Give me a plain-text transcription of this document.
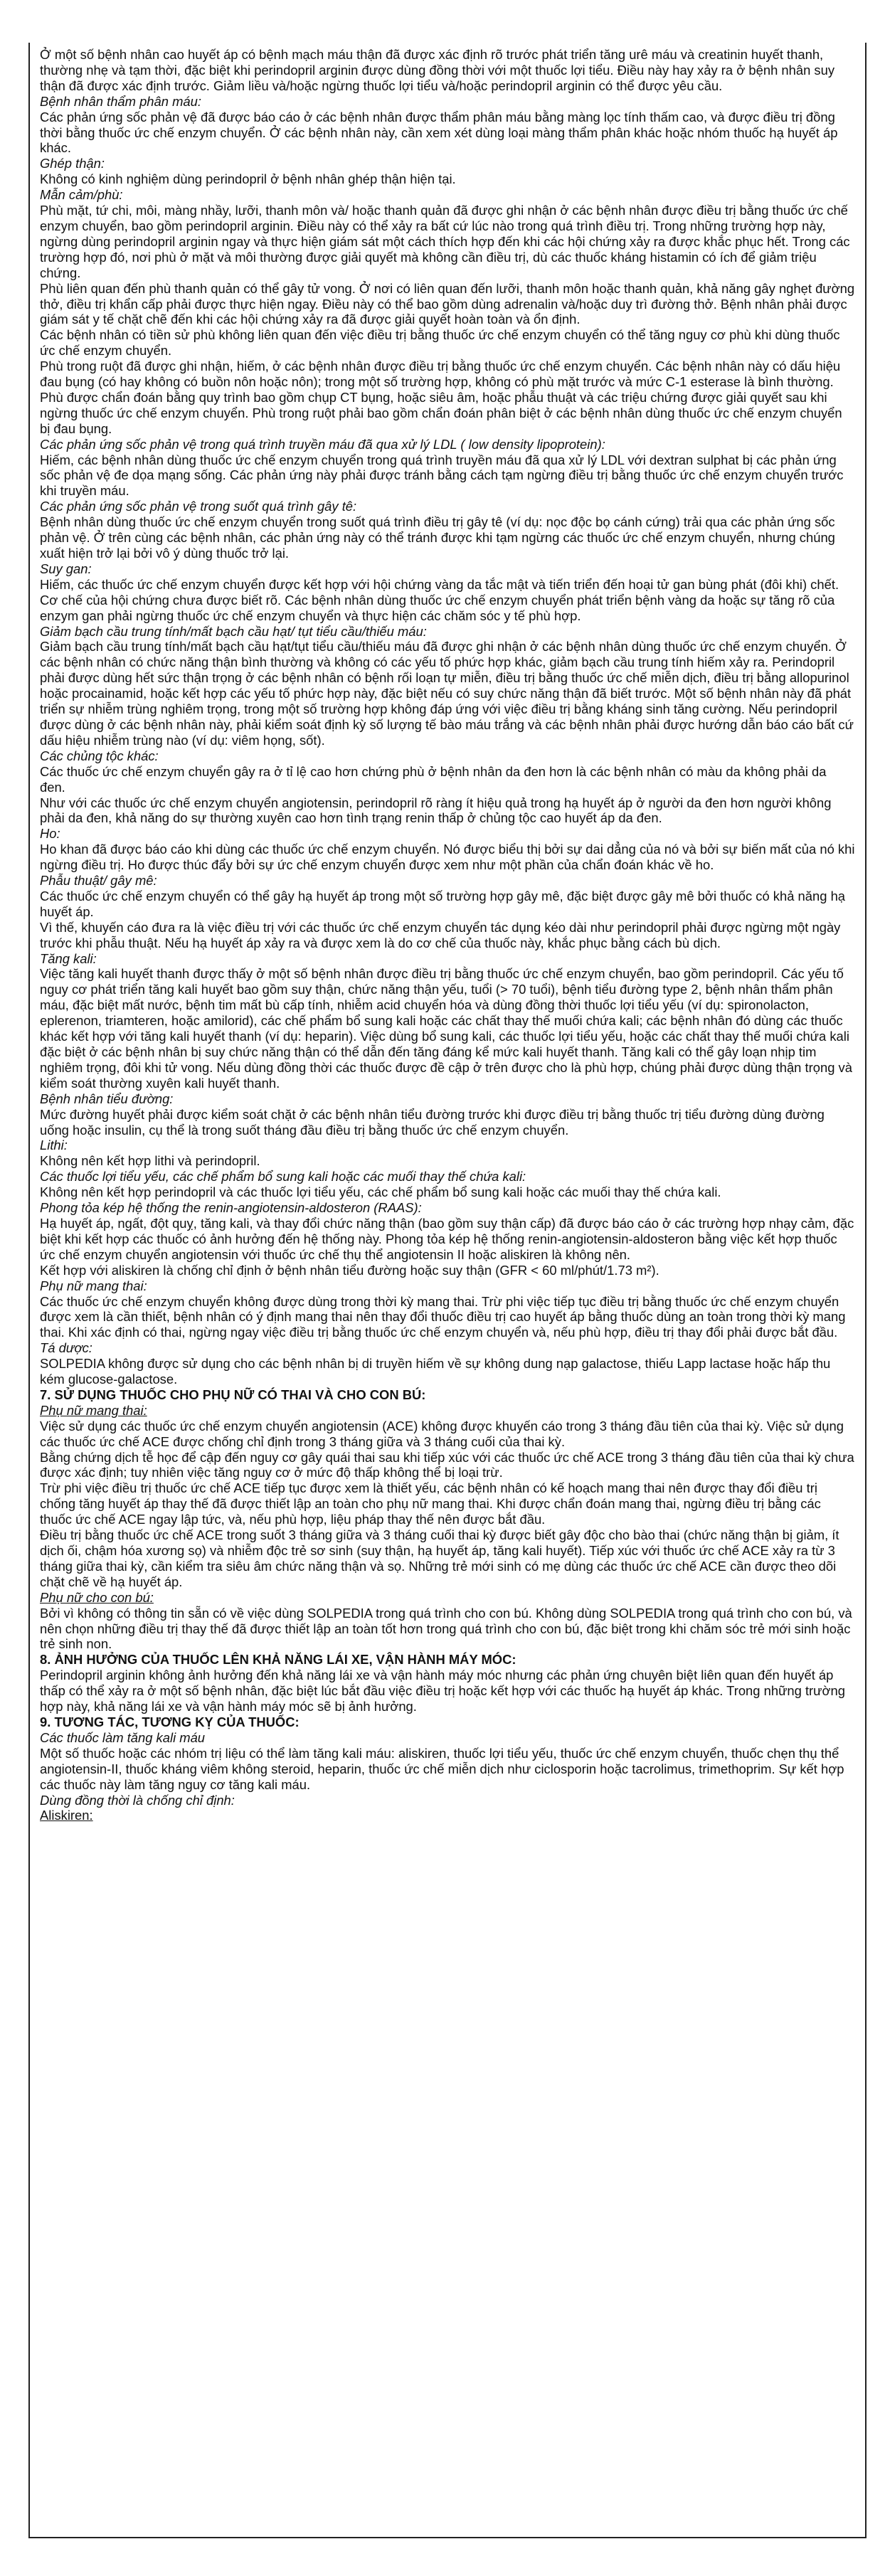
Ở một số bệnh nhân cao huyết áp có bệnh mạch máu thận đã được xác định rõ trước phát triển tăng urê máu và creatinin huyết thanh, thường nhẹ và tạm thời, đặc biệt khi perindopril arginin được dùng đồng thời với một thuốc lợi tiểu. Điều này hay xảy ra ở bệnh nhân suy thận đã được xác định trước. Giảm liều và/hoặc ngừng thuốc lợi tiểu và/hoặc perindopril arginin có thể được yêu cầu.

Bệnh nhân thẩm phân máu:

Các phản ứng sốc phản vệ đã được báo cáo ở các bệnh nhân được thẩm phân máu bằng màng lọc tính thấm cao, và được điều trị đồng thời bằng thuốc ức chế enzym chuyển. Ở các bệnh nhân này, cần xem xét dùng loại màng thẩm phân khác hoặc nhóm thuốc hạ huyết áp khác.

Ghép thận:

Không có kinh nghiệm dùng perindopril ở bệnh nhân ghép thận hiện tại.

Mẫn cảm/phù:

Phù mặt, tứ chi, môi, màng nhầy, lưỡi, thanh môn và/ hoặc thanh quản đã được ghi nhận ở các bệnh nhân được điều trị bằng thuốc ức chế enzym chuyển, bao gồm perindopril arginin. Điều này có thể xảy ra bất cứ lúc nào trong quá trình điều trị. Trong những trường hợp này, ngừng dùng perindopril arginin ngay và thực hiện giám sát một cách thích hợp đến khi các hội chứng xảy ra được khắc phục hết. Trong các trường hợp đó, nơi phù ở mặt và môi thường được giải quyết mà không cần điều trị, dù các thuốc kháng histamin có ích để giảm triệu chứng.

Phù liên quan đến phù thanh quản có thể gây tử vong. Ở nơi có liên quan đến lưỡi, thanh môn hoặc thanh quản, khả năng gây nghẹt đường thở, điều trị khẩn cấp phải được thực hiện ngay. Điều này có thể bao gồm dùng adrenalin và/hoặc duy trì đường thở. Bệnh nhân phải được giám sát y tế chặt chẽ đến khi các hội chứng xảy ra đã được giải quyết hoàn toàn và ổn định.

Các bệnh nhân có tiền sử phù không liên quan đến việc điều trị bằng thuốc ức chế enzym chuyển có thể tăng nguy cơ phù khi dùng thuốc ức chế enzym chuyển.

Phù trong ruột đã được ghi nhận, hiếm, ở các bệnh nhân được điều trị bằng thuốc ức chế enzym chuyển. Các bệnh nhân này có dấu hiệu đau bụng (có hay không có buồn nôn hoặc nôn); trong một số trường hợp, không có phù mặt trước và mức C-1 esterase là bình thường. Phù được chẩn đoán bằng quy trình bao gồm chụp CT bụng, hoặc siêu âm, hoặc phẫu thuật và các triệu chứng được giải quyết sau khi ngừng thuốc ức chế enzym chuyển. Phù trong ruột phải bao gồm chẩn đoán phân biệt ở các bệnh nhân dùng thuốc ức chế enzym chuyển bị đau bụng.

Các phản ứng sốc phản vệ trong quá trình truyền máu đã qua xử lý LDL ( low density lipoprotein):

Hiếm, các bệnh nhân dùng thuốc ức chế enzym chuyển trong quá trình truyền máu đã qua xử lý LDL với dextran sulphat bị các phản ứng sốc phản vệ đe dọa mạng sống. Các phản ứng này phải được tránh bằng cách tạm ngừng điều trị bằng thuốc ức chế enzym chuyển trước khi truyền máu.

Các phản ứng sốc phản vệ trong suốt quá trình gây tê:

Bệnh nhân dùng thuốc ức chế enzym chuyển trong suốt quá trình điều trị gây tê (ví dụ: nọc độc bọ cánh cứng) trải qua các phản ứng sốc phản vệ. Ở trên cùng các bệnh nhân, các phản ứng này có thể tránh được khi tạm ngừng các thuốc ức chế enzym chuyển, nhưng chúng xuất hiện trở lại bởi vô ý dùng thuốc trở lại.

Suy gan:

Hiếm, các thuốc ức chế enzym chuyển được kết hợp với hội chứng vàng da tắc mật và tiến triển đến hoại tử gan bùng phát (đôi khi) chết. Cơ chế của hội chứng chưa được biết rõ. Các bệnh nhân dùng thuốc ức chế enzym chuyển phát triển bệnh vàng da hoặc sự tăng rõ của enzym gan phải ngừng thuốc ức chế enzym chuyển và thực hiện các chăm sóc y tế phù hợp.

Giảm bạch cầu trung tính/mất bạch cầu hạt/ tụt tiểu cầu/thiếu máu:

Giảm bạch cầu trung tính/mất bạch cầu hạt/tụt tiểu cầu/thiếu máu đã được ghi nhận ở các bệnh nhân dùng thuốc ức chế enzym chuyển. Ở các bệnh nhân có chức năng thận bình thường và không có các yếu tố phức hợp khác, giảm bạch cầu trung tính hiếm xảy ra. Perindopril phải được dùng hết sức thận trọng ở các bệnh nhân có bệnh rối loạn tự miễn, điều trị bằng thuốc ức chế miễn dịch, điều trị bằng allopurinol hoặc procainamid, hoặc kết hợp các yếu tố phức hợp này, đặc biệt nếu có suy chức năng thận đã biết trước. Một số bệnh nhân này đã phát triển sự nhiễm trùng nghiêm trọng, trong một số trường hợp không đáp ứng với việc điều trị bằng kháng sinh tăng cường. Nếu perindopril được dùng ở các bệnh nhân này, phải kiểm soát định kỳ số lượng tế bào máu trắng và các bệnh nhân phải được hướng dẫn báo cáo bất cứ dấu hiệu nhiễm trùng nào (ví dụ: viêm họng, sốt).

Các chủng tộc khác:

Các thuốc ức chế enzym chuyển gây ra ở tỉ lệ cao hơn chứng phù ở bệnh nhân da đen hơn là các bệnh nhân có màu da không phải da đen.

Như với các thuốc ức chế enzym chuyển angiotensin, perindopril rõ ràng ít hiệu quả trong hạ huyết áp ở người da đen hơn người không phải da đen, khả năng do sự thường xuyên cao hơn tình trạng renin thấp ở chủng tộc cao huyết áp da đen.

Ho:

Ho khan đã được báo cáo khi dùng các thuốc ức chế enzym chuyển. Nó được biểu thị bởi sự dai dẳng của nó và bởi sự biến mất của nó khi ngừng điều trị. Ho được thúc đẩy bởi sự ức chế enzym chuyển được xem như một phần của chẩn đoán khác về ho.

Phẫu thuật/ gây mê:

Các thuốc ức chế enzym chuyển có thể gây hạ huyết áp trong một số trường hợp gây mê, đặc biệt được gây mê bởi thuốc có khả năng hạ huyết áp.

Vì thế, khuyến cáo đưa ra là việc điều trị với các thuốc ức chế enzym chuyển tác dụng kéo dài như perindopril phải được ngừng một ngày trước khi phẫu thuật. Nếu hạ huyết áp xảy ra và được xem là do cơ chế của thuốc này, khắc phục bằng cách bù dịch.

Tăng kali:

Việc tăng kali huyết thanh được thấy ở một số bệnh nhân được điều trị bằng thuốc ức chế enzym chuyển, bao gồm perindopril. Các yếu tố nguy cơ phát triển tăng kali huyết bao gồm suy thận, chức năng thận yếu, tuổi (> 70 tuổi), bệnh tiểu đường type 2, bệnh nhân thẩm phân máu, đặc biệt mất nước, bệnh tim mất bù cấp tính, nhiễm acid chuyển hóa và dùng đồng thời thuốc lợi tiểu yếu (ví dụ: spironolacton, eplerenon, triamteren, hoặc amilorid), các chế phẩm bổ sung kali hoặc các chất thay thế muối chứa kali; các bệnh nhân đó dùng các thuốc khác kết hợp với tăng kali huyết thanh (ví dụ: heparin). Việc dùng bổ sung kali, các thuốc lợi tiểu yếu, hoặc các chất thay thế muối chứa kali đặc biệt ở các bệnh nhân bị suy chức năng thận có thể dẫn đến tăng đáng kể mức kali huyết thanh. Tăng kali có thể gây loạn nhịp tim nghiêm trọng, đôi khi tử vong. Nếu dùng đồng thời các thuốc được đề cập ở trên được cho là phù hợp, chúng phải được dùng thận trọng và kiểm soát thường xuyên kali huyết thanh.

Bệnh nhân tiểu đường:

Mức đường huyết phải được kiểm soát chặt ở các bệnh nhân tiểu đường trước khi được điều trị bằng thuốc trị tiểu đường dùng đường uống hoặc insulin, cụ thể là trong suốt tháng đầu điều trị bằng thuốc ức chế enzym chuyển.

Lithi:

Không nên kết hợp lithi và perindopril.

Các thuốc lợi tiểu yếu, các chế phẩm bổ sung kali hoặc các muối thay thế chứa kali:

Không nên kết hợp perindopril và các thuốc lợi tiểu yếu, các chế phẩm bổ sung kali hoặc các muối thay thế chứa kali.

Phong tỏa kép hệ thống the renin-angiotensin-aldosteron (RAAS):

Hạ huyết áp, ngất, đột quỵ, tăng kali, và thay đổi chức năng thận (bao gồm suy thận cấp) đã được báo cáo ở các trường hợp nhạy cảm, đặc biệt khi kết hợp các thuốc có ảnh hưởng đến hệ thống này. Phong tỏa kép hệ thống renin-angiotensin-aldosteron bằng việc kết hợp thuốc ức chế enzym chuyển angiotensin với thuốc ức chế thụ thể angiotensin II hoặc aliskiren là không nên.

Kết hợp với aliskiren là chống chỉ định ở bệnh nhân tiểu đường hoặc suy thận (GFR < 60 ml/phút/1.73 m²).

Phụ nữ mang thai:

Các thuốc ức chế enzym chuyển không được dùng trong thời kỳ mang thai. Trừ phi việc tiếp tục điều trị bằng thuốc ức chế enzym chuyển được xem là cần thiết, bệnh nhân có ý định mang thai nên thay đổi thuốc điều trị cao huyết áp bằng thuốc dùng an toàn trong thời kỳ mang thai. Khi xác định có thai, ngừng ngay việc điều trị bằng thuốc ức chế enzym chuyển và, nếu phù hợp, điều trị thay đổi phải được bắt đầu.

Tá dược:

SOLPEDIA không được sử dụng cho các bệnh nhân bị di truyền hiếm về sự không dung nạp galactose, thiếu Lapp lactase hoặc hấp thu kém glucose-galactose.

7. SỬ DỤNG THUỐC CHO PHỤ NỮ CÓ THAI VÀ CHO CON BÚ:

Phụ nữ mang thai:

Việc sử dụng các thuốc ức chế enzym chuyển angiotensin (ACE) không được khuyến cáo trong 3 tháng đầu tiên của thai kỳ. Việc sử dụng các thuốc ức chế ACE được chống chỉ định trong 3 tháng giữa và 3 tháng cuối của thai kỳ.

Bằng chứng dịch tễ học để cập đến nguy cơ gây quái thai sau khi tiếp xúc với các thuốc ức chế ACE trong 3 tháng đầu tiên của thai kỳ chưa được xác định; tuy nhiên việc tăng nguy cơ ở mức độ thấp không thể bị loại trừ.

Trừ phi việc điều trị thuốc ức chế ACE tiếp tục được xem là thiết yếu, các bệnh nhân có kế hoạch mang thai nên được thay đổi điều trị chống tăng huyết áp thay thế đã được thiết lập an toàn cho phụ nữ mang thai. Khi được chẩn đoán mang thai, ngừng điều trị bằng các thuốc ức chế ACE ngay lập tức, và, nếu phù hợp, liệu pháp thay thế nên được bắt đầu.

Điều trị bằng thuốc ức chế ACE trong suốt 3 tháng giữa và 3 tháng cuối thai kỳ được biết gây độc cho bào thai (chức năng thận bị giảm, ít dịch ối, chậm hóa xương sọ) và nhiễm độc trẻ sơ sinh (suy thận, hạ huyết áp, tăng kali huyết). Tiếp xúc với thuốc ức chế ACE xảy ra từ 3 tháng giữa thai kỳ, cần kiểm tra siêu âm chức năng thận và sọ. Những trẻ mới sinh có mẹ dùng các thuốc ức chế ACE cần được theo dõi chặt chẽ về hạ huyết áp.

Phụ nữ cho con bú:

Bởi vì không có thông tin sẵn có về việc dùng SOLPEDIA trong quá trình cho con bú. Không dùng SOLPEDIA trong quá trình cho con bú, và nên chọn những điều trị thay thế đã được thiết lập an toàn tốt hơn trong quá trình cho con bú, đặc biệt trong khi chăm sóc trẻ mới sinh hoặc trẻ sinh non.

8. ẢNH HƯỞNG CỦA THUỐC LÊN KHẢ NĂNG LÁI XE, VẬN HÀNH MÁY MÓC:

Perindopril arginin không ảnh hưởng đến khả năng lái xe và vận hành máy móc nhưng các phản ứng chuyên biệt liên quan đến huyết áp thấp có thể xảy ra ở một số bệnh nhân, đặc biệt lúc bắt đầu việc điều trị hoặc kết hợp với các thuốc hạ huyết áp khác. Trong những trường hợp này, khả năng lái xe và vận hành máy móc sẽ bị ảnh hưởng.

9. TƯƠNG TÁC, TƯƠNG KỴ CỦA THUỐC:

Các thuốc làm tăng kali máu

Một số thuốc hoặc các nhóm trị liệu có thể làm tăng kali máu: aliskiren, thuốc lợi tiểu yếu, thuốc ức chế enzym chuyển, thuốc chẹn thụ thể angiotensin-II, thuốc kháng viêm không steroid, heparin, thuốc ức chế miễn dịch như ciclosporin hoặc tacrolimus, trimethoprim. Sự kết hợp các thuốc này làm tăng nguy cơ tăng kali máu.

Dùng đồng thời là chống chỉ định:

Aliskiren:
